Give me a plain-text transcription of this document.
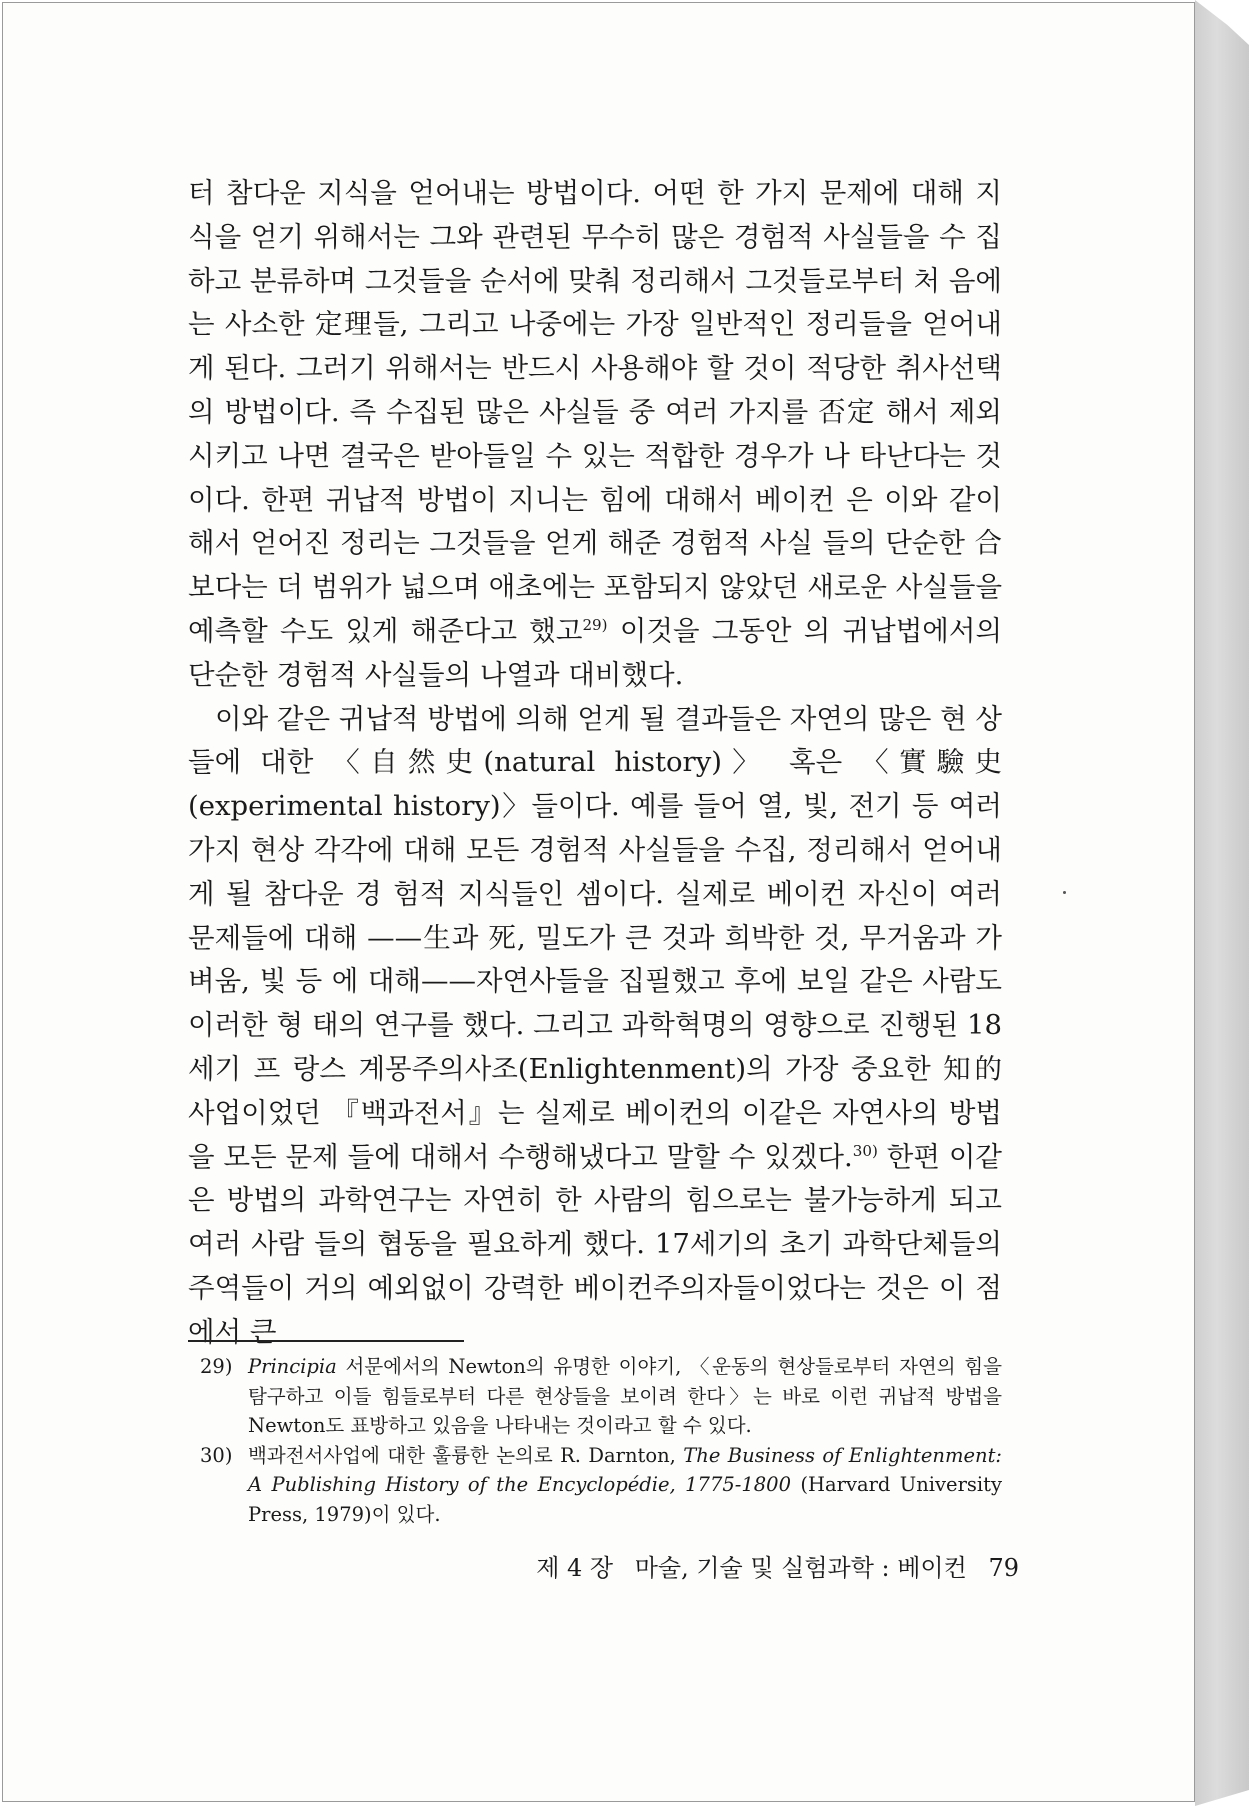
터 참다운 지식을 얻어내는 방법이다. 어떤 한 가지 문제에 대해 지 식을 얻기 위해서는 그와 관련된 무수히 많은 경험적 사실들을 수 집하고 분류하며 그것들을 순서에 맞춰 정리해서 그것들로부터 처 음에는 사소한 定理들, 그리고 나중에는 가장 일반적인 정리들을 얻어내게 된다. 그러기 위해서는 반드시 사용해야 할 것이 적당한 취사선택의 방법이다. 즉 수집된 많은 사실들 중 여러 가지를 否定 해서 제외시키고 나면 결국은 받아들일 수 있는 적합한 경우가 나 타난다는 것이다. 한편 귀납적 방법이 지니는 힘에 대해서 베이컨 은 이와 같이 해서 얻어진 정리는 그것들을 얻게 해준 경험적 사실 들의 단순한 合보다는 더 범위가 넓으며 애초에는 포함되지 않았던 새로운 사실들을 예측할 수도 있게 해준다고 했고$^{29)}$ 이것을 그동안 의 귀납법에서의 단순한 경험적 사실들의 나열과 대비했다.

이와 같은 귀납적 방법에 의해 얻게 될 결과들은 자연의 많은 현 상들에 대한 〈自然史(natural history)〉 혹은 〈實驗史(experimental history)〉들이다. 예를 들어 열, 빛, 전기 등 여러 가지 현상 각각에 대해 모든 경험적 사실들을 수집, 정리해서 얻어내게 될 참다운 경 험적 지식들인 셈이다. 실제로 베이컨 자신이 여러 문제들에 대해 ——生과 死, 밀도가 큰 것과 희박한 것, 무거움과 가벼움, 빛 등 에 대해——자연사들을 집필했고 후에 보일 같은 사람도 이러한 형 태의 연구를 했다. 그리고 과학혁명의 영향으로 진행된 18세기 프 랑스 계몽주의사조(Enlightenment)의 가장 중요한 知的 사업이었던 『백과전서』는 실제로 베이컨의 이같은 자연사의 방법을 모든 문제 들에 대해서 수행해냈다고 말할 수 있겠다.$^{30)}$ 한편 이같은 방법의 과학연구는 자연히 한 사람의 힘으로는 불가능하게 되고 여러 사람 들의 협동을 필요하게 했다. 17세기의 초기 과학단체들의 주역들이 거의 예외없이 강력한 베이컨주의자들이었다는 것은 이 점에서 큰

29) Principia 서문에서의 Newton의 유명한 이야기, 〈운동의 현상들로부터 자연의 힘을 탐구하고 이들 힘들로부터 다른 현상들을 보이려 한다〉는 바로 이런 귀납적 방법을 Newton도 표방하고 있음을 나타내는 것이라고 할 수 있다.
30) 백과전서사업에 대한 훌륭한 논의로 R. Darnton, The Business of Enlightenment: A Publishing History of the Encyclopédie, 1775-1800 (Harvard University Press, 1979)이 있다.
제 4 장 마술, 기술 및 실험과학 : 베이컨 79
